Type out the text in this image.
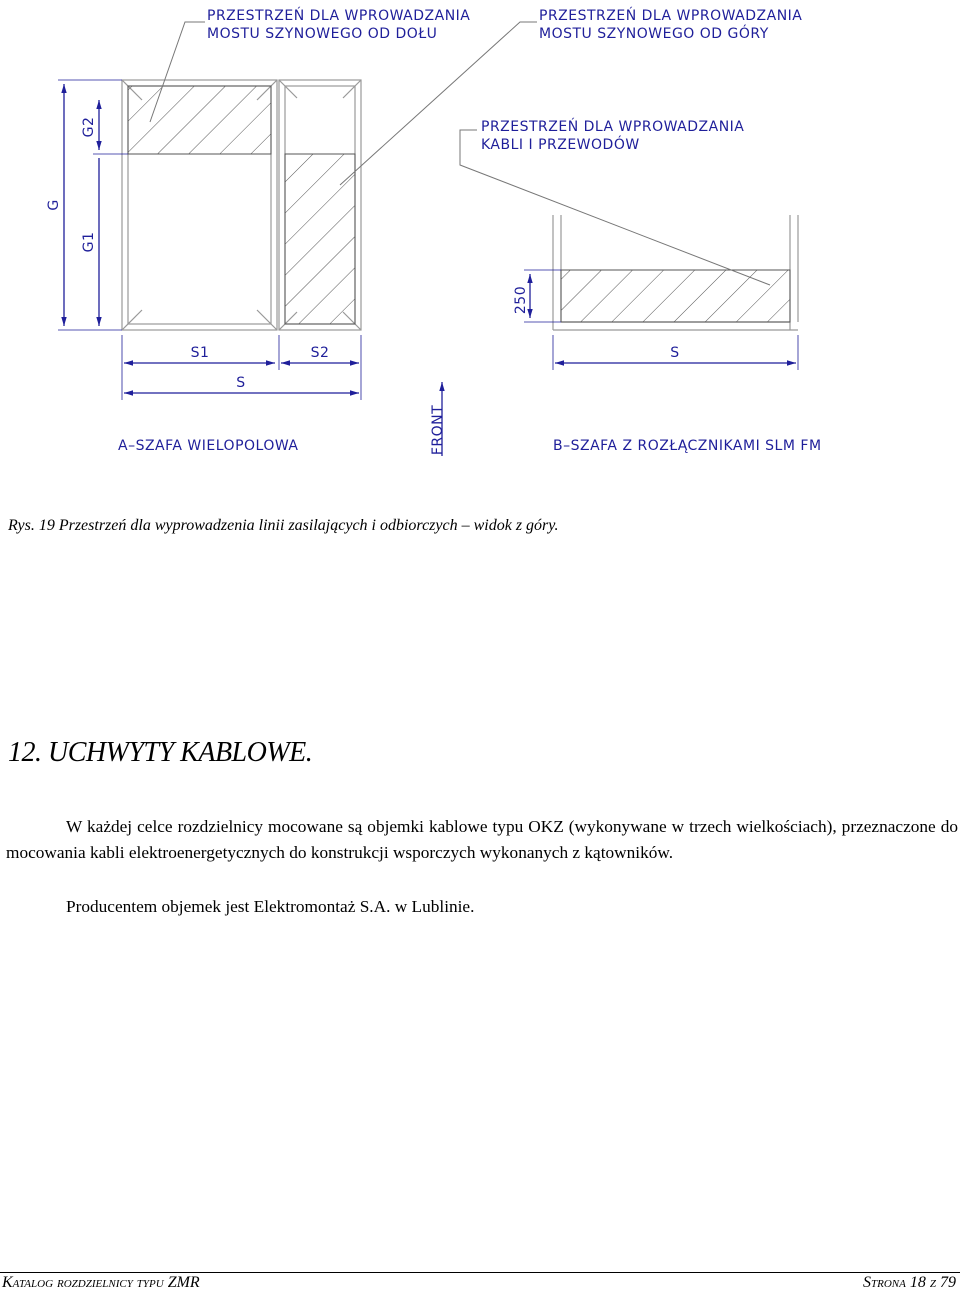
PRZESTRZEŃ DLA WPROWADZANIA
MOSTU SZYNOWEGO OD DOŁU
PRZESTRZEŃ DLA WPROWADZANIA
MOSTU SZYNOWEGO OD GÓRY
PRZESTRZEŃ DLA WPROWADZANIA
KABLI I PRZEWODÓW
G
G2
G1
250
S1	S2
S
S
FRONT
A–SZAFA WIELOPOLOWA	B–SZAFA Z ROZŁĄCZNIKAMI SLM FM
Rys. 19 Przestrzeń dla wyprowadzenia linii zasilających i odbiorczych – widok z góry.
12. UCHWYTY KABLOWE.

W każdej celce rozdzielnicy mocowane są objemki kablowe typu OKZ (wykonywane w trzech wielkościach), przeznaczone do mocowania kabli elektroenergetycznych do konstrukcji wsporczych wykonanych z kątowników.

Producentem objemek jest Elektromontaż S.A. w Lublinie.

Katalog rozdzielnicy typu ZMR	Strona 18 z 79
